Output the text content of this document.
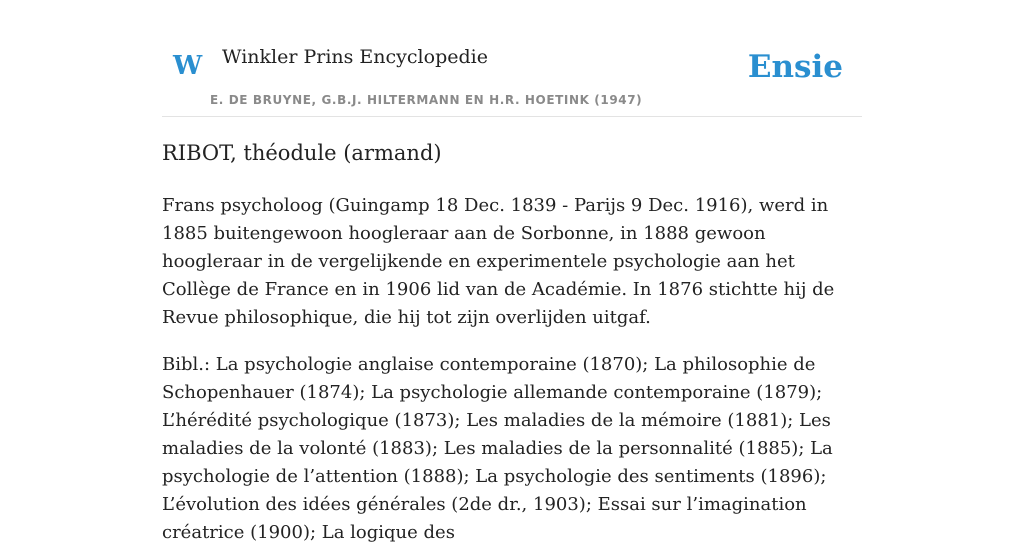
W Winkler Prins Encyclopedie
E. DE BRUYNE, G.B.J. HILTERMANN EN H.R. HOETINK (1947)
Ensie
RIBOT, théodule (armand)

Frans psycholoog (Guingamp 18 Dec. 1839 - Parijs 9 Dec. 1916), werd in 1885 buitengewoon hoogleraar aan de Sorbonne, in 1888 gewoon hoogleraar in de vergelijkende en experimentele psychologie aan het Collège de France en in 1906 lid van de Académie. In 1876 stichtte hij de Revue philosophique, die hij tot zijn overlijden uitgaf.

Bibl.: La psychologie anglaise contemporaine (1870); La philosophie de Schopenhauer (1874); La psychologie allemande contemporaine (1879); L’hérédité psychologique (1873); Les maladies de la mémoire (1881); Les maladies de la volonté (1883); Les maladies de la personnalité (1885); La psychologie de l’attention (1888); La psychologie des sentiments (1896); L’évolution des idées générales (2de dr., 1903); Essai sur l’imagination créatrice (1900); La logique des
